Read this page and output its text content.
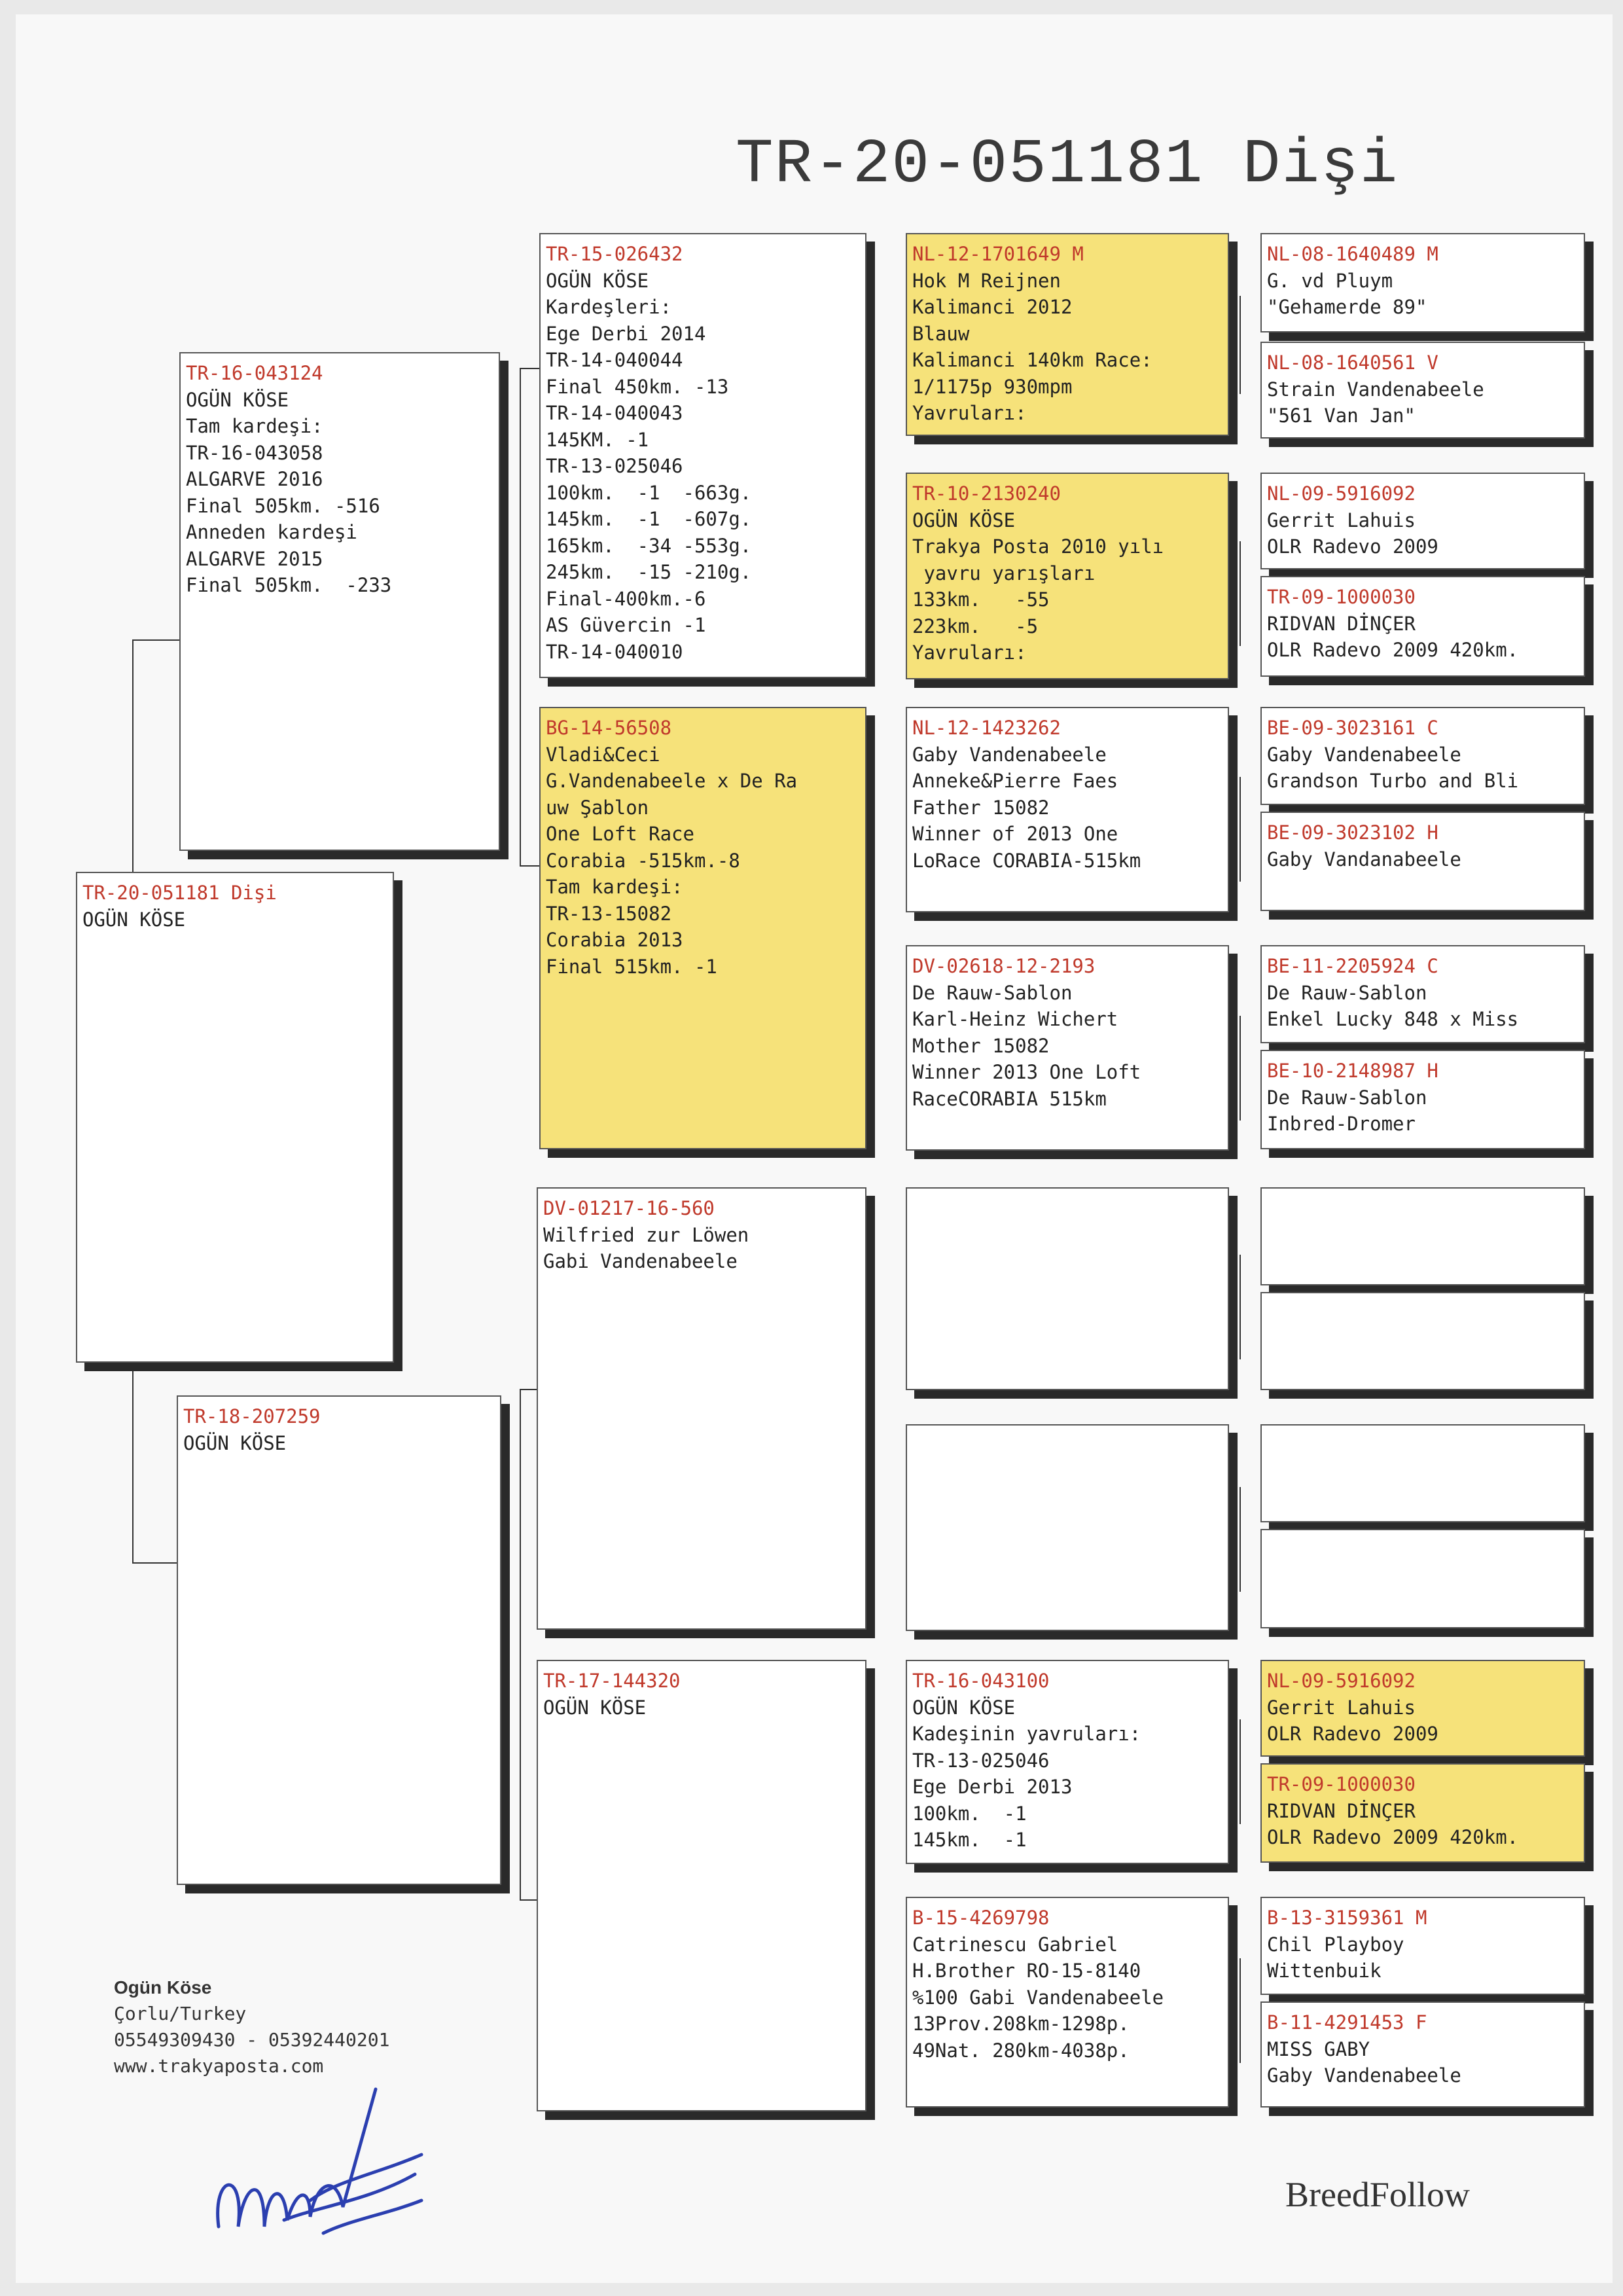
TR-20-051181 Dişi
TR-20-051181 Dişi
OGÜN KÖSE
TR-16-043124
OGÜN KÖSE
Tam kardeşi:
TR-16-043058
ALGARVE 2016
Final 505km. -516
Anneden kardeşi
ALGARVE 2015
Final 505km.  -233
TR-18-207259
OGÜN KÖSE
TR-15-026432
OGÜN KÖSE
Kardeşleri:
Ege Derbi 2014
TR-14-040044
Final 450km. -13
TR-14-040043
145KM. -1
TR-13-025046
100km.  -1  -663g.
145km.  -1  -607g.
165km.  -34 -553g.
245km.  -15 -210g.
Final-400km.-6
AS Güvercin -1
TR-14-040010
BG-14-56508
Vladi&Ceci
G.Vandenabeele x De Ra
uw Şablon
One Loft Race
Corabia -515km.-8
Tam kardeşi:
TR-13-15082
Corabia 2013
Final 515km. -1
DV-01217-16-560
Wilfried zur Löwen
Gabi Vandenabeele
TR-17-144320
OGÜN KÖSE
NL-12-1701649 M
Hok M Reijnen
Kalimanci 2012
Blauw
Kalimanci 140km Race:
1/1175p 930mpm
Yavruları:
TR-10-2130240
OGÜN KÖSE
Trakya Posta 2010 yılı
yavru yarışları
133km.   -55
223km.   -5
Yavruları:
NL-12-1423262
Gaby Vandenabeele
Anneke&Pierre Faes
Father 15082
Winner of 2013 One
LoRace CORABIA-515km
DV-02618-12-2193
De Rauw-Sablon
Karl-Heinz Wichert
Mother 15082
Winner 2013 One Loft
RaceCORABIA 515km
TR-16-043100
OGÜN KÖSE
Kadeşinin yavruları:
TR-13-025046
Ege Derbi 2013
100km.  -1
145km.  -1
B-15-4269798
Catrinescu Gabriel
H.Brother RO-15-8140
%100 Gabi Vandenabeele
13Prov.208km-1298p.
49Nat. 280km-4038p.
NL-08-1640489 M
G. vd Pluym
"Gehamerde 89"
NL-08-1640561 V
Strain Vandenabeele
"561 Van Jan"
NL-09-5916092
Gerrit Lahuis
OLR Radevo 2009
TR-09-1000030
RIDVAN DİNÇER
OLR Radevo 2009 420km.
BE-09-3023161 C
Gaby Vandenabeele
Grandson Turbo and Bli
BE-09-3023102 H
Gaby Vandanabeele
BE-11-2205924 C
De Rauw-Sablon
Enkel Lucky 848 x Miss
BE-10-2148987 H
De Rauw-Sablon
Inbred-Dromer
NL-09-5916092
Gerrit Lahuis
OLR Radevo 2009
TR-09-1000030
RIDVAN DİNÇER
OLR Radevo 2009 420km.
B-13-3159361 M
Chil Playboy
Wittenbuik
B-11-4291453 F
MISS GABY
Gaby Vandenabeele
Ogün Köse
Çorlu/Turkey
05549309430 - 05392440201
www.trakyaposta.com
BreedFollow
